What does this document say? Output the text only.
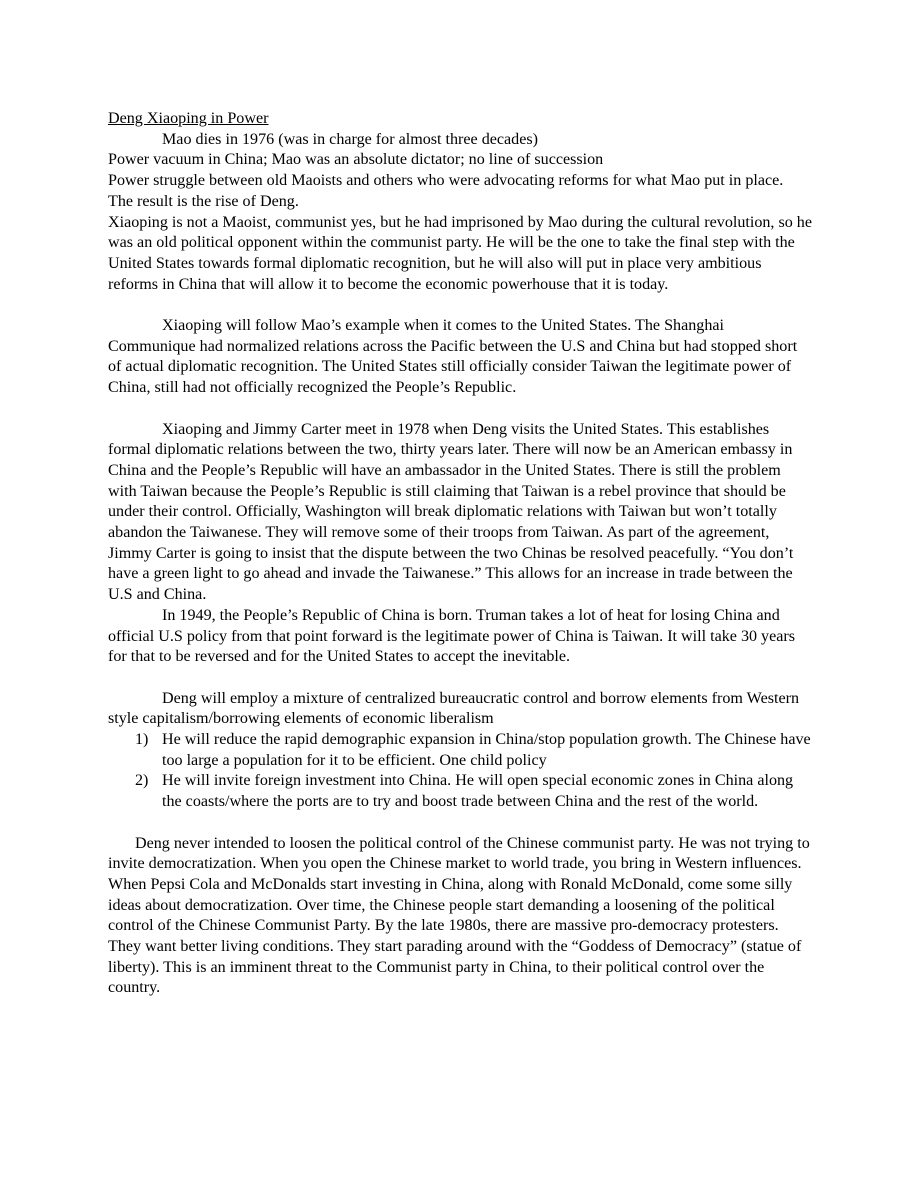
Deng Xiaoping in Power

Mao dies in 1976 (was in charge for almost three decades)

Power vacuum in China; Mao was an absolute dictator; no line of succession

Power struggle between old Maoists and others who were advocating reforms for what Mao put in place. The result is the rise of Deng.

Xiaoping is not a Maoist, communist yes, but he had imprisoned by Mao during the cultural revolution, so he was an old political opponent within the communist party. He will be the one to take the final step with the United States towards formal diplomatic recognition, but he will also will put in place very ambitious reforms in China that will allow it to become the economic powerhouse that it is today.

Xiaoping will follow Mao’s example when it comes to the United States. The Shanghai Communique had normalized relations across the Pacific between the U.S and China but had stopped short of actual diplomatic recognition. The United States still officially consider Taiwan the legitimate power of China, still had not officially recognized the People’s Republic.

Xiaoping and Jimmy Carter meet in 1978 when Deng visits the United States. This establishes formal diplomatic relations between the two, thirty years later. There will now be an American embassy in China and the People’s Republic will have an ambassador in the United States. There is still the problem with Taiwan because the People’s Republic is still claiming that Taiwan is a rebel province that should be under their control. Officially, Washington will break diplomatic relations with Taiwan but won’t totally abandon the Taiwanese. They will remove some of their troops from Taiwan. As part of the agreement, Jimmy Carter is going to insist that the dispute between the two Chinas be resolved peacefully. “You don’t have a green light to go ahead and invade the Taiwanese.” This allows for an increase in trade between the U.S and China.

In 1949, the People’s Republic of China is born. Truman takes a lot of heat for losing China and official U.S policy from that point forward is the legitimate power of China is Taiwan. It will take 30 years for that to be reversed and for the United States to accept the inevitable.

Deng will employ a mixture of centralized bureaucratic control and borrow elements from Western style capitalism/borrowing elements of economic liberalism

1) He will reduce the rapid demographic expansion in China/stop population growth. The Chinese have too large a population for it to be efficient. One child policy
2) He will invite foreign investment into China. He will open special economic zones in China along the coasts/where the ports are to try and boost trade between China and the rest of the world.

Deng never intended to loosen the political control of the Chinese communist party. He was not trying to invite democratization. When you open the Chinese market to world trade, you bring in Western influences. When Pepsi Cola and McDonalds start investing in China, along with Ronald McDonald, come some silly ideas about democratization. Over time, the Chinese people start demanding a loosening of the political control of the Chinese Communist Party. By the late 1980s, there are massive pro-democracy protesters. They want better living conditions. They start parading around with the “Goddess of Democracy” (statue of liberty). This is an imminent threat to the Communist party in China, to their political control over the country.
